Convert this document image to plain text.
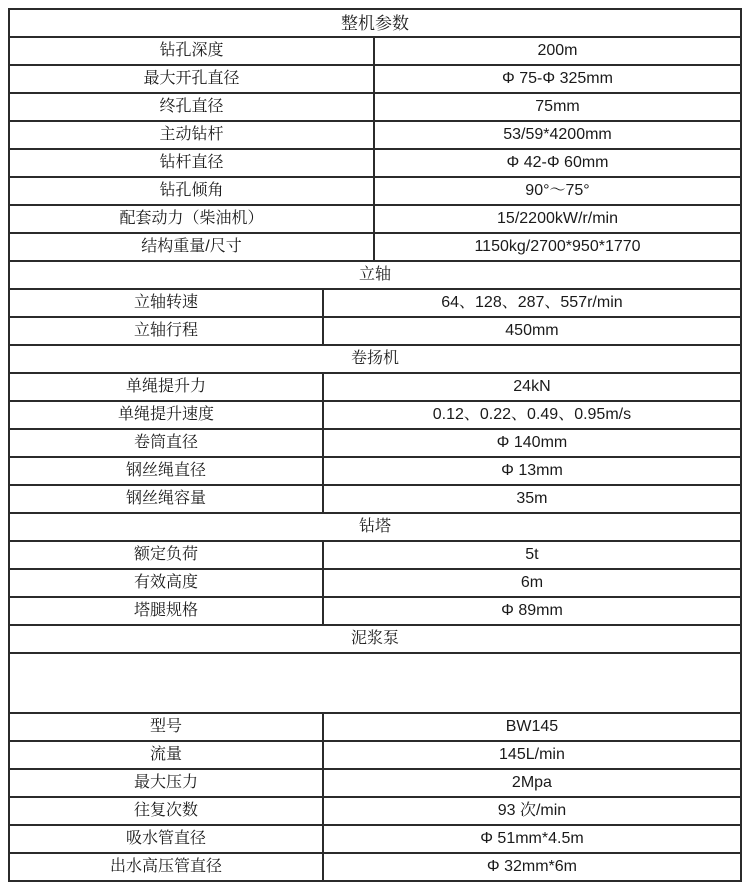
整机参数
钻孔深度	200m
最大开孔直径	Φ 75-Φ 325mm
终孔直径	75mm
主动钻杆	53/59*4200mm
钻杆直径	Φ 42-Φ 60mm
钻孔倾角	90°～75°
配套动力（柴油机）	15/2200kW/r/min
结构重量/尺寸	1150kg/2700*950*1770
立轴
立轴转速	64、128、287、557r/min
立轴行程	450mm
卷扬机
单绳提升力	24kN
单绳提升速度	0.12、0.22、0.49、0.95m/s
卷筒直径	Φ 140mm
钢丝绳直径	Φ 13mm
钢丝绳容量	35m
钻塔
额定负荷	5t
有效高度	6m
塔腿规格	Φ 89mm
泥浆泵
型号	BW145
流量	145L/min
最大压力	2Mpa
往复次数	93 次/min
吸水管直径	Φ 51mm*4.5m
出水高压管直径	Φ 32mm*6m
